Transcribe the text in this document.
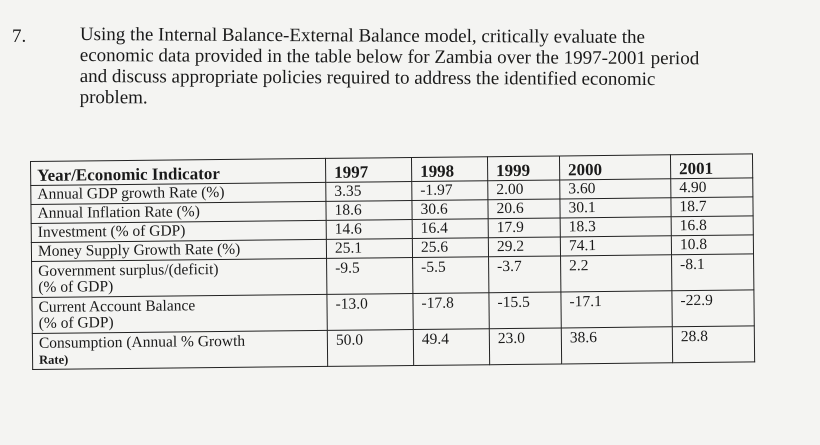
7.	Using the Internal Balance-External Balance model, critically evaluate the
economic data provided in the table below for Zambia over the 1997-2001 period
and discuss appropriate policies required to address the identified economic
problem.
Year/Economic Indicator	1997	1998	1999	2000	2001
Annual GDP growth Rate (%)	3.35	-1.97	2.00	3.60	4.90
Annual Inflation Rate (%)	18.6	30.6	20.6	30.1	18.7
Investment (% of GDP)	14.6	16.4	17.9	18.3	16.8
Money Supply Growth Rate (%)	25.1	25.6	29.2	74.1	10.8

Government surplus/(deficit)
(% of GDP)	-9.5	-5.5	-3.7	2.2	-8.1

Current Account Balance
(% of GDP)	-13.0	-17.8	-15.5	-17.1	-22.9

Consumption (Annual % Growth
Rate)	50.0	49.4	23.0	38.6	28.8
